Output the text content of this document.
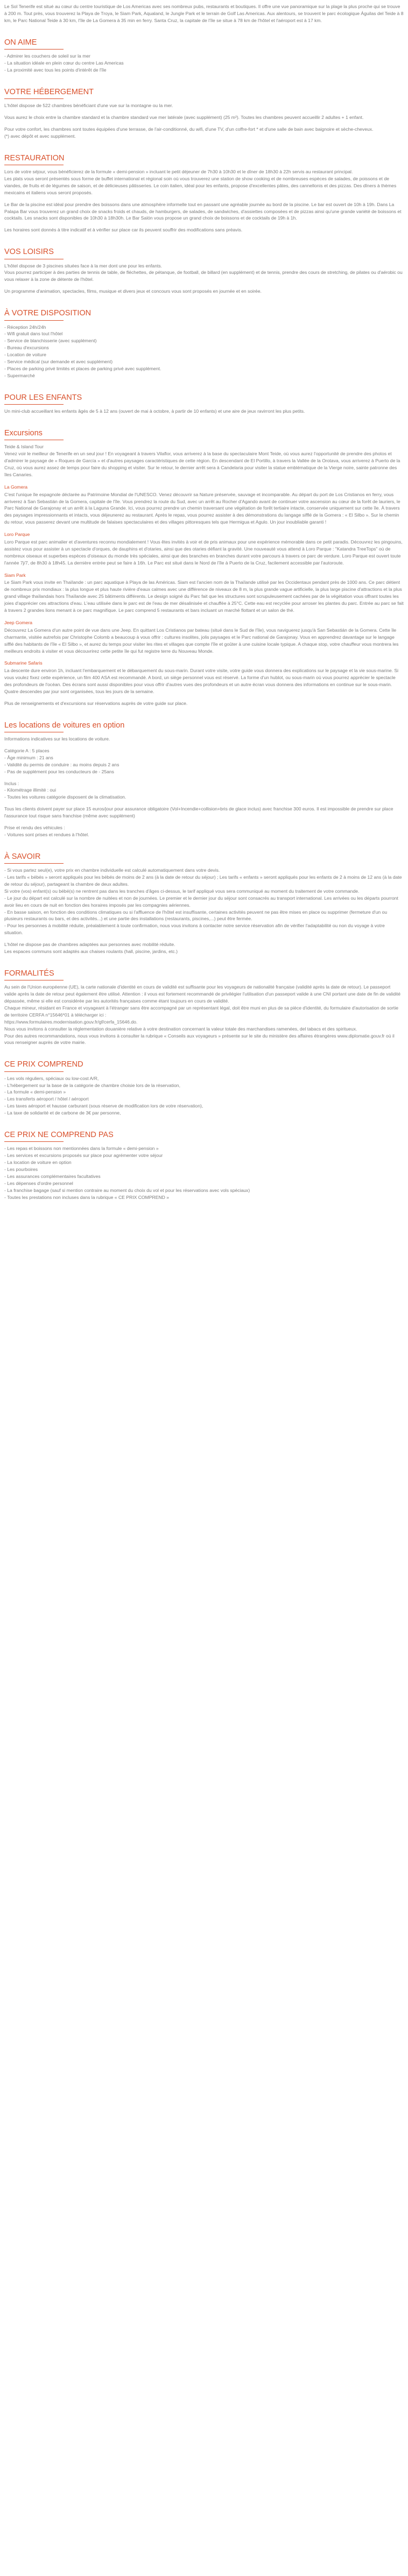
Le Sol Tenerife est situé au cœur du centre touristique de Los Americas avec ses nombreux pubs, restaurants et boutiques. Il offre une vue panoramique sur la plage la plus proche qui se trouve à 200 m. Tout près, vous trouverez la Playa de Troya, le Siam Park, Aqualand, le Jungle Park et le terrain de Golf Las Americas. Aux alentours, se trouvent le parc écologique Águilas del Teide à 8 km, le Parc National Teide à 30 km, l'île de La Gomera à 35 min en ferry. Santa Cruz, la capitale de l'île se situe à 78 km de l'hôtel et l'aéroport est à 17 km.

ON AIME
- Admirer les couchers de soleil sur la mer
- La situation idéale en plein cœur du centre Las Americas
- La proximité avec tous les points d'intérêt de l'île
VOTRE HÉBERGEMENT

L'hôtel dispose de 522 chambres bénéficiant d'une vue sur la montagne ou la mer.

Vous aurez le choix entre la chambre standard et la chambre standard vue mer latérale (avec supplément) (25 m²). Toutes les chambres peuvent accueillir 2 adultes + 1 enfant.

Pour votre confort, les chambres sont toutes équipées d'une terrasse, de l'air-conditionné, du wifi, d'une TV, d'un coffre-fort * et d'une salle de bain avec baignoire et sèche-cheveux.
(*) avec dépôt et avec supplément.

RESTAURATION

Lors de votre séjour, vous bénéficierez de la formule « demi-pension » incluant le petit déjeuner de 7h30 à 10h30 et le dîner de 18h30 à 22h servis au restaurant principal.
Les plats vous seront présentés sous forme de buffet international et régional soin où vous trouverez une station de show cooking et de nombreuses espèces de salades, de poissons et de viandes, de fruits et de légumes de saison, et de délicieuses pâtisseries. Le coin italien, idéal pour les enfants, propose d'excellentes pâtes, des cannellonis et des pizzas. Des dîners à thèmes mexicains et italiens vous seront proposés.

Le Bar de la piscine est idéal pour prendre des boissons dans une atmosphère informelle tout en passant une agréable journée au bord de la piscine. Le bar est ouvert de 10h à 19h. Dans La Palapa Bar vous trouverez un grand choix de snacks froids et chauds, de hamburgers, de salades, de sandwiches, d'assiettes composées et de pizzas ainsi qu'une grande variété de boissons et cocktails. Les snacks sont disponibles de 10h30 à 18h30h. Le Bar Salón vous propose un grand choix de boissons et de cocktails de 19h à 1h.

Les horaires sont donnés à titre indicatif et à vérifier sur place car ils peuvent souffrir des modifications sans préavis.

VOS LOISIRS

L'hôtel dispose de 3 piscines situées face à la mer dont une pour les enfants.
Vous pourrez participer à des parties de tennis de table, de fléchettes, de pétanque, de football, de billard (en supplément) et de tennis, prendre des cours de stretching, de pilates ou d'aérobic ou vous relaxer à la zone de détente de l'hôtel.

Un programme d'animation, spectacles, films, musique et divers jeux et concours vous sont proposés en journée et en soirée.

À VOTRE DISPOSITION
- Réception 24h/24h
- Wifi gratuit dans tout l'hôtel
- Service de blanchisserie (avec supplément)
- Bureau d'excursions
- Location de voiture
- Service médical (sur demande et avec supplément)
- Places de parking privé limités et places de parking privé avec supplément.
- Supermarché
POUR LES ENFANTS

Un mini-club accueillant les enfants âgés de 5 à 12 ans (ouvert de mai à octobre, à partir de 10 enfants) et une aire de jeux ravirront les plus petits.

Excursions
Teide & Island Tour

Venez voir le meilleur de Tenerife en un seul jour ! En voyageant à travers Vilaflor, vous arriverez à la base du spectaculaire Mont Teide, où vous aurez l'opportunité de prendre des photos et d'admirer le paysage de « Roques de García » et d'autres paysages caractéristiques de cette région. En descendant de El Portillo, à travers la Vallée de la Orotava, vous arriverez à Puerto de la Cruz, où vous aurez assez de temps pour faire du shopping et visiter. Sur le retour, le dernier arrêt sera à Candelaria pour visiter la statue emblématique de la Vierge noire, sainte patronne des îles Canaries.

La Gomera

C'est l'unique île espagnole déclarée au Patrimoine Mondial de l'UNESCO. Venez découvrir sa Nature préservée, sauvage et incomparable. Au départ du port de Los Cristianos en ferry, vous arriverez à San Sebastián de la Gomera, capitale de l'île. Vous prendrez la route du Sud, avec un arrêt au Rocher d'Agando avant de continuer votre ascension au cœur de la forêt de lauriers, le Parc National de Garajonay et un arrêt à la Laguna Grande. Ici, vous pourrez prendre un chemin traversant une végétation de forêt tertiaire intacte, conservée uniquement sur cette île. À travers des paysages impressionnants et intacts, vous déjeunerez au restaurant. Après le repas, vous pourrez assister à des démonstrations du langage sifflé de la Gomera : « El Silbo ». Sur le chemin du retour, vous passerez devant une multitude de falaises spectaculaires et des villages pittoresques tels que Hermigua et Agulo. Un jour inoubliable garanti !

Loro Parque

Loro Parque est parc animalier et d'aventures reconnu mondialement ! Vous êtes invités à voir et de pris animaux pour une expérience mémorable dans ce petit paradis. Découvrez les pingouins, assistez vous pour assister à un spectacle d'orques, de dauphins et d'otaries, ainsi que des otaries défiant la gravité. Une nouveauté vous attend à Loro Parque : "Katandra TreeTops" où de nombreux oiseaux et superbes espèces d'oiseaux du monde très spéciales, ainsi que des branches en branches durant votre parcours à travers ce parc de verdure. Loro Parque est ouvert toute l'année 7j/7, de 8h30 à 18h45. La dernière entrée peut se faire à 16h. Le Parc est situé dans le Nord de l'île à Puerto de la Cruz, facilement accessible par l'autoroute.

Siam Park

Le Siam Park vous invite en Thaïlande : un parc aquatique à Playa de las Américas. Siam est l'ancien nom de la Thaïlande utilisé par les Occidentaux pendant près de 1000 ans. Ce parc détient de nombreux prix mondiaux : la plus longue et plus haute rivière d'eaux calmes avec une différence de niveaux de 8 m, la plus grande vague artificielle, la plus large piscine d'attractions et la plus grand village thaïlandais hors Thaïlande avec 25 bâtiments différents. Le design soigné du Parc fait que les structures sont scrupuleusement cachées par de la végétation vous offrant toutes les joies d'apprécier ces attractions d'eau. L'eau utilisée dans le parc est de l'eau de mer désalinisée et chauffée à 25°C. Cette eau est recyclée pour arroser les plantes du parc. Entrée au parc se fait à travers 2 grandes lions menant à ce parc magnifique. Le parc comprend 5 restaurants et bars incluant un marché flottant et un salon de thé.

Jeep Gomera

Découvrez La Gomera d'un autre point de vue dans une Jeep. En quittant Los Cristianos par bateau (situé dans le Sud de l'île), vous naviguerez jusqu'à San Sebastián de la Gomera. Cette île charmante, visitée autrefois par Christophe Colomb a beaucoup à vous offrir : cultures insolites, jolis paysages et le Parc national de Garajonay. Vous en apprendrez davantage sur le langage sifflé des habitants de l'île « El Silbo », et aurez du temps pour visiter les rites et villages que compte l'île et goûter à une cuisine locale typique. A chaque stop, votre chauffeur vous montrera les meilleurs endroits à visiter et vous découvrirez cette petite île qui fut registre terre du Nouveau Monde.

Submarine Safaris

La descente dure environ 1h, incluant l'embarquement et le débarquement du sous-marin. Durant votre visite, votre guide vous donnera des explications sur le paysage et la vie sous-marine. Si vous voulez fixez cette expérience, un film 400 ASA est recommandé. A bord, un siège personnel vous est réservé. La forme d'un hublot, ou sous-marin où vous pourrez apprécier le spectacle des profondeurs de l'océan. Des écrans sont aussi disponibles pour vous offrir d'autres vues des profondeurs et un autre écran vous donnera des informations en continue sur le sous-marin. Quatre descendes par jour sont organisées, tous les jours de la semaine.

Plus de renseignements et d'excursions sur réservations auprès de votre guide sur place.

Les locations de voitures en option

Informations indicatives sur les locations de voiture.

Catégorie A : 5 places
- Âge minimum : 21 ans
- Validité du permis de conduire : au moins depuis 2 ans
- Pas de supplément pour les conducteurs de - 25ans
Inclus :
- Kilométrage illimité : oui
- Toutes les voitures catégorie disposent de la climatisation.

Tous les clients doivent payer sur place 15 euros/jour pour assurance obligatoire (Vol+Incendie+collision+bris de glace inclus) avec franchise 300 euros. Il est impossible de prendre sur place l'assurance tout risque sans franchise (même avec supplément)

Prise et rendu des véhicules :
- Voitures sont prises et rendues à l'hôtel.
À SAVOIR

- Si vous partez seul(e), votre prix en chambre individuelle est calculé automatiquement dans votre devis.
- Les tarifs « bébés » seront appliqués pour les bébés de moins de 2 ans (à la date de retour du séjour) ; Les tarifs « enfants » seront appliqués pour les enfants de 2 à moins de 12 ans (à la date de retour du séjour), partageant la chambre de deux adultes.
Si votre (vos) enfant(s) ou bébé(s) ne rentrent pas dans les tranches d'âges ci-dessus, le tarif appliqué vous sera communiqué au moment du traitement de votre commande.
- Le jour du départ est calculé sur la nombre de nuitées et non de journées. Le premier et le dernier jour du séjour sont consacrés au transport international. Les arrivées ou les départs pourront avoir lieu en cours de nuit en fonction des horaires imposés par les compagnies aériennes.
- En basse saison, en fonction des conditions climatiques ou si l'affluence de l'hôtel est insuffisante, certaines activités peuvent ne pas être mises en place ou supprimer (fermeture d'un ou plusieurs restaurants ou bars, et des activités...) et une partie des installations (restaurants, piscines,...) peut être fermée.
- Pour les personnes à mobilité réduite, préalablement à toute confirmation, nous vous invitons à contacter notre service réservation afin de vérifier l'adaptabilité ou non du voyage à votre situation.

L'hôtel ne dispose pas de chambres adaptées aux personnes avec mobilité réduite.
Les espaces communs sont adaptés aux chaises roulants (hall, piscine, jardins, etc.)

FORMALITÉS

Au sein de l'Union européenne (UE), la carte nationale d'identité en cours de validité est suffisante pour les voyageurs de nationalité française (validité après la date de retour). Le passeport valide après la date de retour peut également être utilisé. Attention : il vous est fortement recommandé de privilégier l'utilisation d'un passeport valide à une CNI portant une date de fin de validité dépassée, même si elle est considérée par les autorités françaises comme étant toujours en cours de validité.
Chaque mineur, résidant en France et voyageant à l'étranger sans être accompagné par un représentant légal, doit être muni en plus de sa pièce d'identité, du formulaire d'autorisation de sortie de territoire CERFA n°15646*01 à télécharger ici :
https://www.formulaires.modernisation.gouv.fr/gf/cerfa_15646.do.
Nous vous invitons à consulter la réglementation douanière relative à votre destination concernant la valeur totale des marchandises ramenées, del tabacs et des spiritueux.
Pour des autres recommandations, nous vous invitons à consulter la rubrique « Conseils aux voyageurs » présente sur le site du ministère des affaires étrangères www.diplomatie.gouv.fr où il vous renseigner auprès de votre mairie.

CE PRIX COMPREND
- Les vols réguliers, spéciaux ou low-cost A/R,
- L'hébergement sur la base de la catégorie de chambre choisie lors de la réservation,
- La formule « demi-pension »
- Les transferts aéroport / hôtel / aéroport
- Les taxes aéroport et hausse carburant (sous réserve de modification lors de votre réservation),
- La taxe de solidarité et de carbone de 3€ par personne,
CE PRIX NE COMPREND PAS
- Les repas et boissons non mentionnées dans la formule « demi-pension »
- Les services et excursions proposés sur place pour agrémenter votre séjour
- La location de voiture en option
- Les pourboires
- Les assurances complémentaires facultatives
- Les dépenses d'ordre personnel
- La franchise bagage (sauf si mention contraire au moment du choix du vol et pour les réservations avec vols spéciaux)
- Toutes les prestations non incluses dans la rubrique « CE PRIX COMPREND »
